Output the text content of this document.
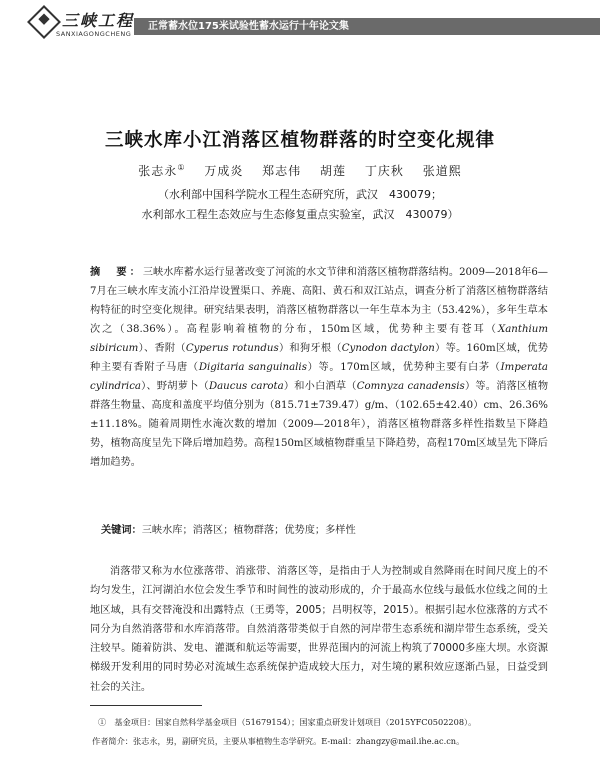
三峡工程
SANXIAGONGCHENG
正常蓄水位175米试验性蓄水运行十年论文集
三峡水库小江消落区植物群落的时空变化规律
张志永① 万成炎 郑志伟 胡莲 丁庆秋 张道熙
（水利部中国科学院水工程生态研究所，武汉　430079；
水利部水工程生态效应与生态修复重点实验室，武汉　430079）
摘　要：三峡水库蓄水运行显著改变了河流的水文节律和消落区植物群落结构。2009—2018年6—7月在三峡水库支流小江沿岸设置渠口、养鹿、高阳、黄石和双江站点，调查分析了消落区植物群落结构特征的时空变化规律。研究结果表明，消落区植物群落以一年生草本为主（53.42%），多年生草本次之（38.36%）。高程影响着植物的分布，150m区域，优势种主要有苍耳（Xanthium sibiricum）、香附（Cyperus rotundus）和狗牙根（Cynodon dactylon）等。160m区域，优势种主要有香附子马唐（Digitaria sanguinalis）等。170m区域，优势种主要有白茅（Imperata cylindrica）、野胡萝卜（Daucus carota）和小白酒草（Comnyza canadensis）等。消落区植物群落生物量、高度和盖度平均值分别为（815.71±739.47）g/m、（102.65±42.40）cm、26.36%±11.18%。随着周期性水淹次数的增加（2009—2018年），消落区植物群落多样性指数呈下降趋势，植物高度呈先下降后增加趋势。高程150m区域植物群重呈下降趋势，高程170m区域呈先下降后增加趋势。
关键词：三峡水库；消落区；植物群落；优势度；多样性
消落带又称为水位涨落带、消涨带、消落区等，是指由于人为控制或自然降雨在时间尺度上的不均匀发生，江河湖泊水位会发生季节和时间性的波动形成的，介于最高水位线与最低水位线之间的土地区域，具有交替淹没和出露特点（王勇等，2005；吕明权等，2015）。根据引起水位涨落的方式不同分为自然消落带和水库消落带。自然消落带类似于自然的河岸带生态系统和湖岸带生态系统，受关注较早。随着防洪、发电、灌溉和航运等需要，世界范围内的河流上构筑了70000多座大坝。水资源梯级开发利用的同时势必对流域生态系统保护造成较大压力，对生境的累积效应逐渐凸显，日益受到社会的关注。
①　基金项目：国家自然科学基金项目（51679154）；国家重点研发计划项目（2015YFC0502208）。
作者简介：张志永，男，副研究员，主要从事植物生态学研究。E-mail：zhangzy@mail.ihe.ac.cn。
